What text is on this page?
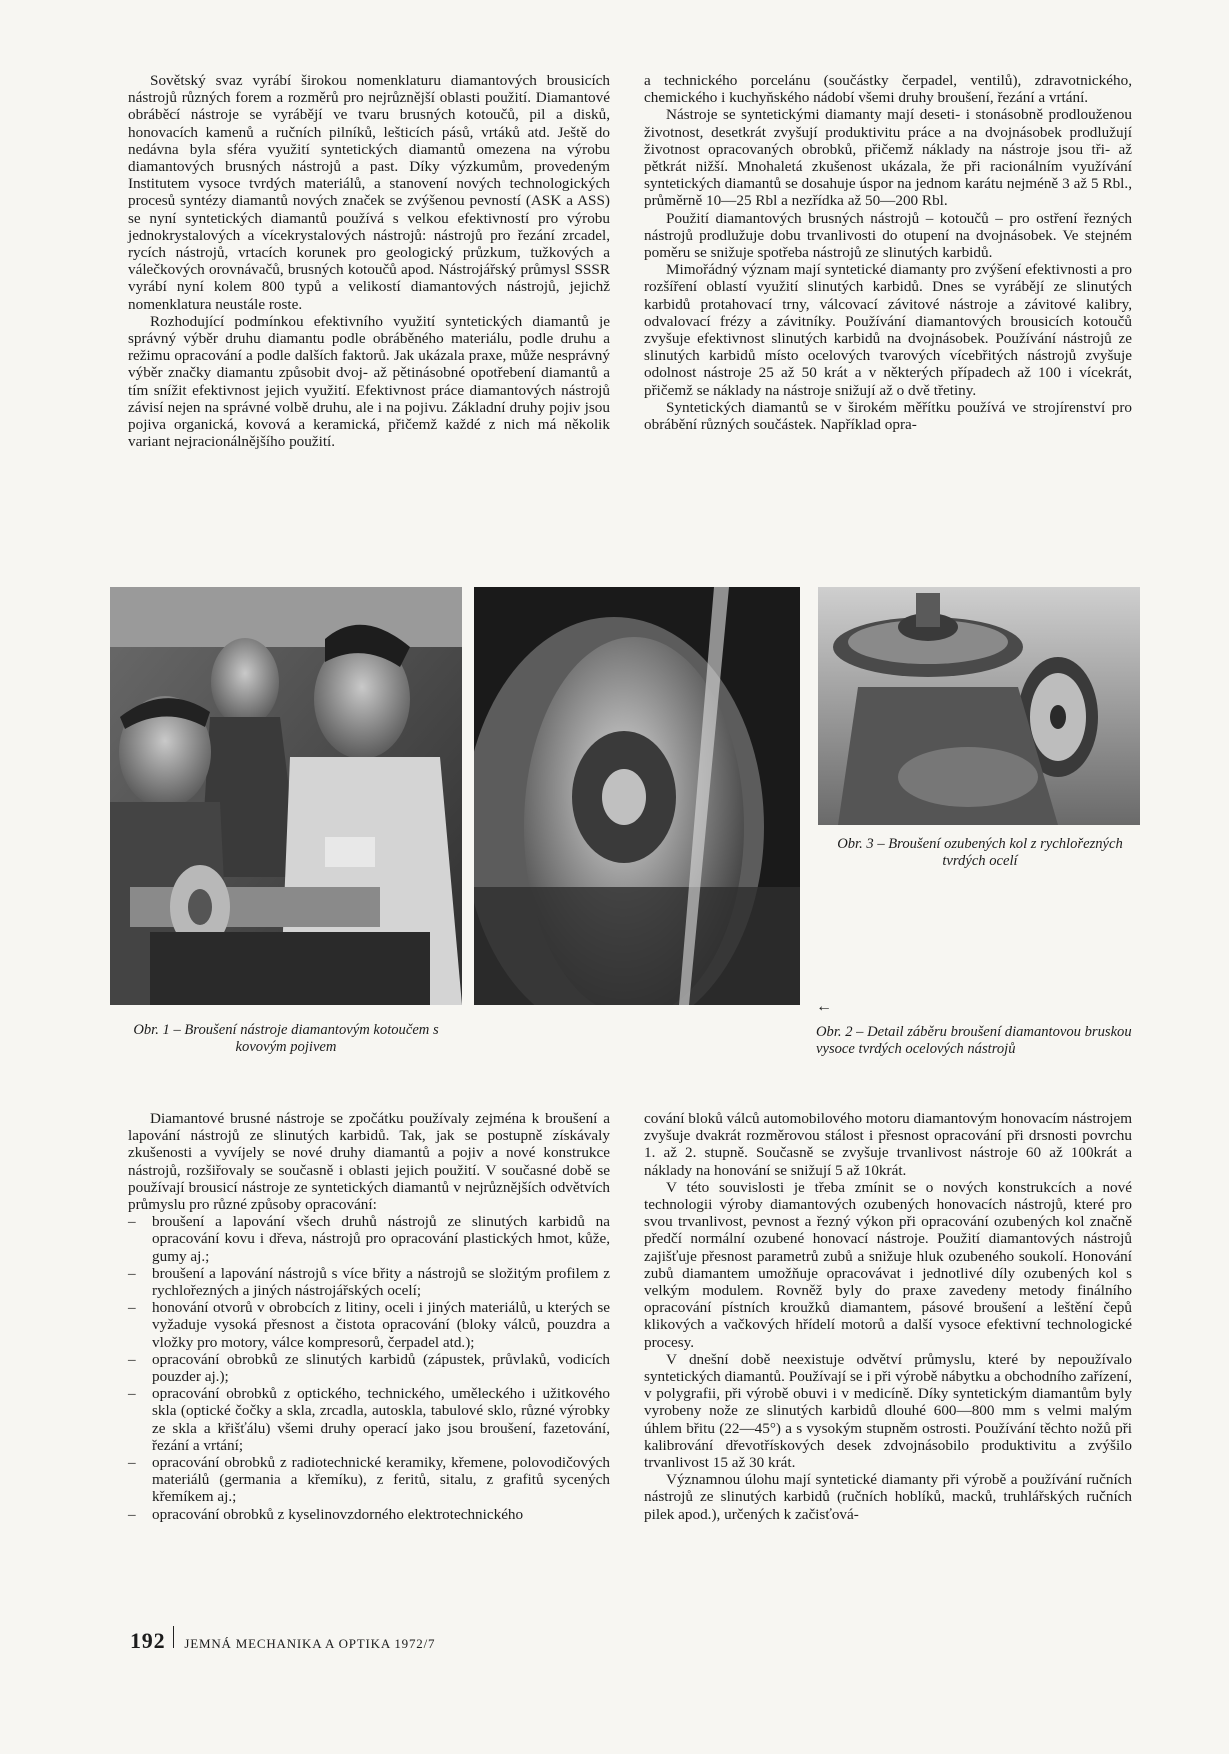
Sovětský svaz vyrábí širokou nomenklaturu diamantových brousicích nástrojů různých forem a rozměrů pro nejrůznější oblasti použití. Diamantové obráběcí nástroje se vyrábějí ve tvaru brusných kotoučů, pil a disků, honovacích kamenů a ručních pilníků, lešticích pásů, vrtáků atd. Ještě do nedávna byla sféra využití syntetických diamantů omezena na výrobu diamantových brusných nástrojů a past. Díky výzkumům, provedeným Institutem vysoce tvrdých materiálů, a stanovení nových technologických procesů syntézy diamantů nových značek se zvýšenou pevností (ASK a ASS) se nyní syntetických diamantů používá s velkou efektivností pro výrobu jednokrystalových a vícekrystalových nástrojů: nástrojů pro řezání zrcadel, rycích nástrojů, vrtacích korunek pro geologický průzkum, tužkových a válečkových orovnávačů, brusných kotoučů apod. Nástrojářský průmysl SSSR vyrábí nyní kolem 800 typů a velikostí diamantových nástrojů, jejichž nomenklatura neustále roste.

Rozhodující podmínkou efektivního využití syntetických diamantů je správný výběr druhu diamantu podle obráběného materiálu, podle druhu a režimu opracování a podle dalších faktorů. Jak ukázala praxe, může nesprávný výběr značky diamantu způsobit dvoj- až pětinásobné opotřebení diamantů a tím snížit efektivnost jejich využití. Efektivnost práce diamantových nástrojů závisí nejen na správné volbě druhu, ale i na pojivu. Základní druhy pojiv jsou pojiva organická, kovová a keramická, přičemž každé z nich má několik variant nejracionálnějšího použití.

a technického porcelánu (součástky čerpadel, ventilů), zdravotnického, chemického i kuchyňského nádobí všemi druhy broušení, řezání a vrtání.

Nástroje se syntetickými diamanty mají deseti- i stonásobně prodlouženou životnost, desetkrát zvyšují produktivitu práce a na dvojnásobek prodlužují životnost opracovaných obrobků, přičemž náklady na nástroje jsou tři- až pětkrát nižší. Mnohaletá zkušenost ukázala, že při racionálním využívání syntetických diamantů se dosahuje úspor na jednom karátu nejméně 3 až 5 Rbl., průměrně 10—25 Rbl a nezřídka až 50—200 Rbl.

Použití diamantových brusných nástrojů – kotoučů – pro ostření řezných nástrojů prodlužuje dobu trvanlivosti do otupení na dvojnásobek. Ve stejném poměru se snižuje spotřeba nástrojů ze slinutých karbidů.

Mimořádný význam mají syntetické diamanty pro zvýšení efektivnosti a pro rozšíření oblastí využití slinutých karbidů. Dnes se vyrábějí ze slinutých karbidů protahovací trny, válcovací závitové nástroje a závitové kalibry, odvalovací frézy a závitníky. Používání diamantových brousicích kotoučů zvyšuje efektivnost slinutých karbidů na dvojnásobek. Používání nástrojů ze slinutých karbidů místo ocelových tvarových vícebřitých nástrojů zvyšuje odolnost nástroje 25 až 50 krát a v některých případech až 100 i vícekrát, přičemž se náklady na nástroje snižují až o dvě třetiny.

Syntetických diamantů se v širokém měřítku používá ve strojírenství pro obrábění různých součástek. Například opra-

Obr. 1 – Broušení nástroje diamantovým kotoučem s kovovým pojivem
Obr. 3 – Broušení ozubených kol z rychlořezných tvrdých ocelí
←
Obr. 2 – Detail záběru broušení diamantovou bruskou vysoce tvrdých ocelových nástrojů

Diamantové brusné nástroje se zpočátku používaly zejména k broušení a lapování nástrojů ze slinutých karbidů. Tak, jak se postupně získávaly zkušenosti a vyvíjely se nové druhy diamantů a pojiv a nové konstrukce nástrojů, rozšiřovaly se současně i oblasti jejich použití. V současné době se používají brousicí nástroje ze syntetických diamantů v nejrůznějších odvětvích průmyslu pro různé způsoby opracování:

– broušení a lapování všech druhů nástrojů ze slinutých karbidů na opracování kovu i dřeva, nástrojů pro opracování plastických hmot, kůže, gumy aj.;
– broušení a lapování nástrojů s více břity a nástrojů se složitým profilem z rychlořezných a jiných nástrojářských ocelí;
– honování otvorů v obrobcích z litiny, oceli i jiných materiálů, u kterých se vyžaduje vysoká přesnost a čistota opracování (bloky válců, pouzdra a vložky pro motory, válce kompresorů, čerpadel atd.);
– opracování obrobků ze slinutých karbidů (zápustek, průvlaků, vodicích pouzder aj.);
– opracování obrobků z optického, technického, uměleckého i užitkového skla (optické čočky a skla, zrcadla, autoskla, tabulové sklo, různé výrobky ze skla a křišťálu) všemi druhy operací jako jsou broušení, fazetování, řezání a vrtání;
– opracování obrobků z radiotechnické keramiky, křemene, polovodičových materiálů (germania a křemíku), z feritů, sitalu, z grafitů sycených křemíkem aj.;
– opracování obrobků z kyselinovzdorného elektrotechnického

cování bloků válců automobilového motoru diamantovým honovacím nástrojem zvyšuje dvakrát rozměrovou stálost i přesnost opracování při drsnosti povrchu 1. až 2. stupně. Současně se zvyšuje trvanlivost nástroje 60 až 100krát a náklady na honování se snižují 5 až 10krát.

V této souvislosti je třeba zmínit se o nových konstrukcích a nové technologii výroby diamantových ozubených honovacích nástrojů, které pro svou trvanlivost, pevnost a řezný výkon při opracování ozubených kol značně předčí normální ozubené honovací nástroje. Použití diamantových nástrojů zajišťuje přesnost parametrů zubů a snižuje hluk ozubeného soukolí. Honování zubů diamantem umožňuje opracovávat i jednotlivé díly ozubených kol s velkým modulem. Rovněž byly do praxe zavedeny metody finálního opracování pístních kroužků diamantem, pásové broušení a leštění čepů klikových a vačkových hřídelí motorů a další vysoce efektivní technologické procesy.

V dnešní době neexistuje odvětví průmyslu, které by nepoužívalo syntetických diamantů. Používají se i při výrobě nábytku a obchodního zařízení, v polygrafii, při výrobě obuvi i v medicíně. Díky syntetickým diamantům byly vyrobeny nože ze slinutých karbidů dlouhé 600—800 mm s velmi malým úhlem břitu (22—45°) a s vysokým stupněm ostrosti. Používání těchto nožů při kalibrování dřevotřískových desek zdvojnásobilo produktivitu a zvýšilo trvanlivost 15 až 30 krát.

Významnou úlohu mají syntetické diamanty při výrobě a používání ručních nástrojů ze slinutých karbidů (ručních hoblíků, macků, truhlářských ručních pilek apod.), určených k začisťová-

192 JEMNÁ MECHANIKA A OPTIKA 1972/7
